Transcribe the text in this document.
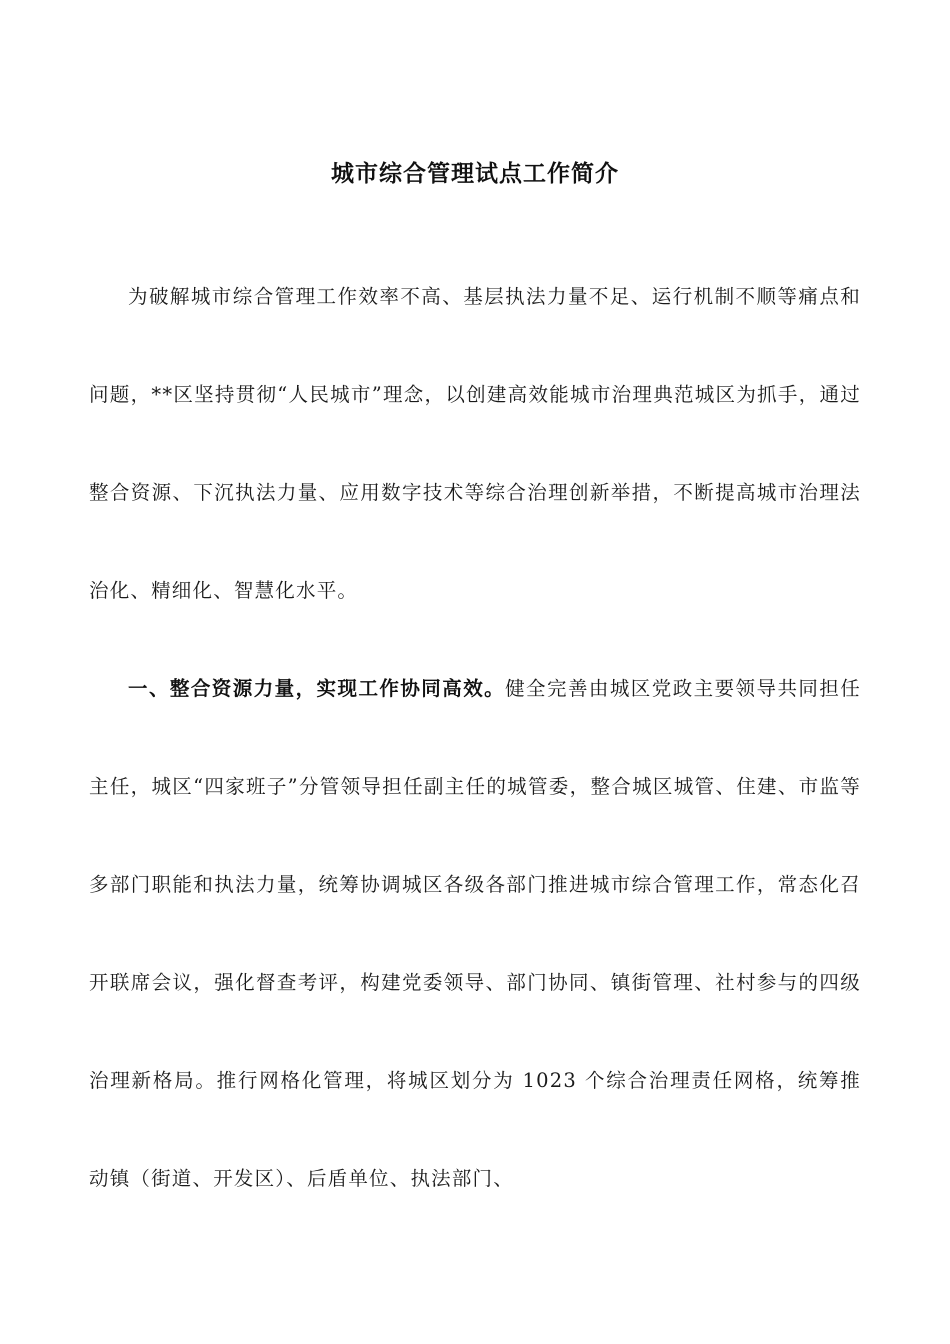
城市综合管理试点工作简介

为破解城市综合管理工作效率不高、基层执法力量不足、运行机制不顺等痛点和问题，**区坚持贯彻“人民城市”理念，以创建高效能城市治理典范城区为抓手，通过整合资源、下沉执法力量、应用数字技术等综合治理创新举措，不断提高城市治理法治化、精细化、智慧化水平。

一、整合资源力量，实现工作协同高效。健全完善由城区党政主要领导共同担任主任，城区“四家班子”分管领导担任副主任的城管委，整合城区城管、住建、市监等多部门职能和执法力量，统筹协调城区各级各部门推进城市综合管理工作，常态化召开联席会议，强化督查考评，构建党委领导、部门协同、镇街管理、社村参与的四级治理新格局。推行网格化管理，将城区划分为 1023 个综合治理责任网格，统筹推动镇（街道、开发区）、后盾单位、执法部门、
